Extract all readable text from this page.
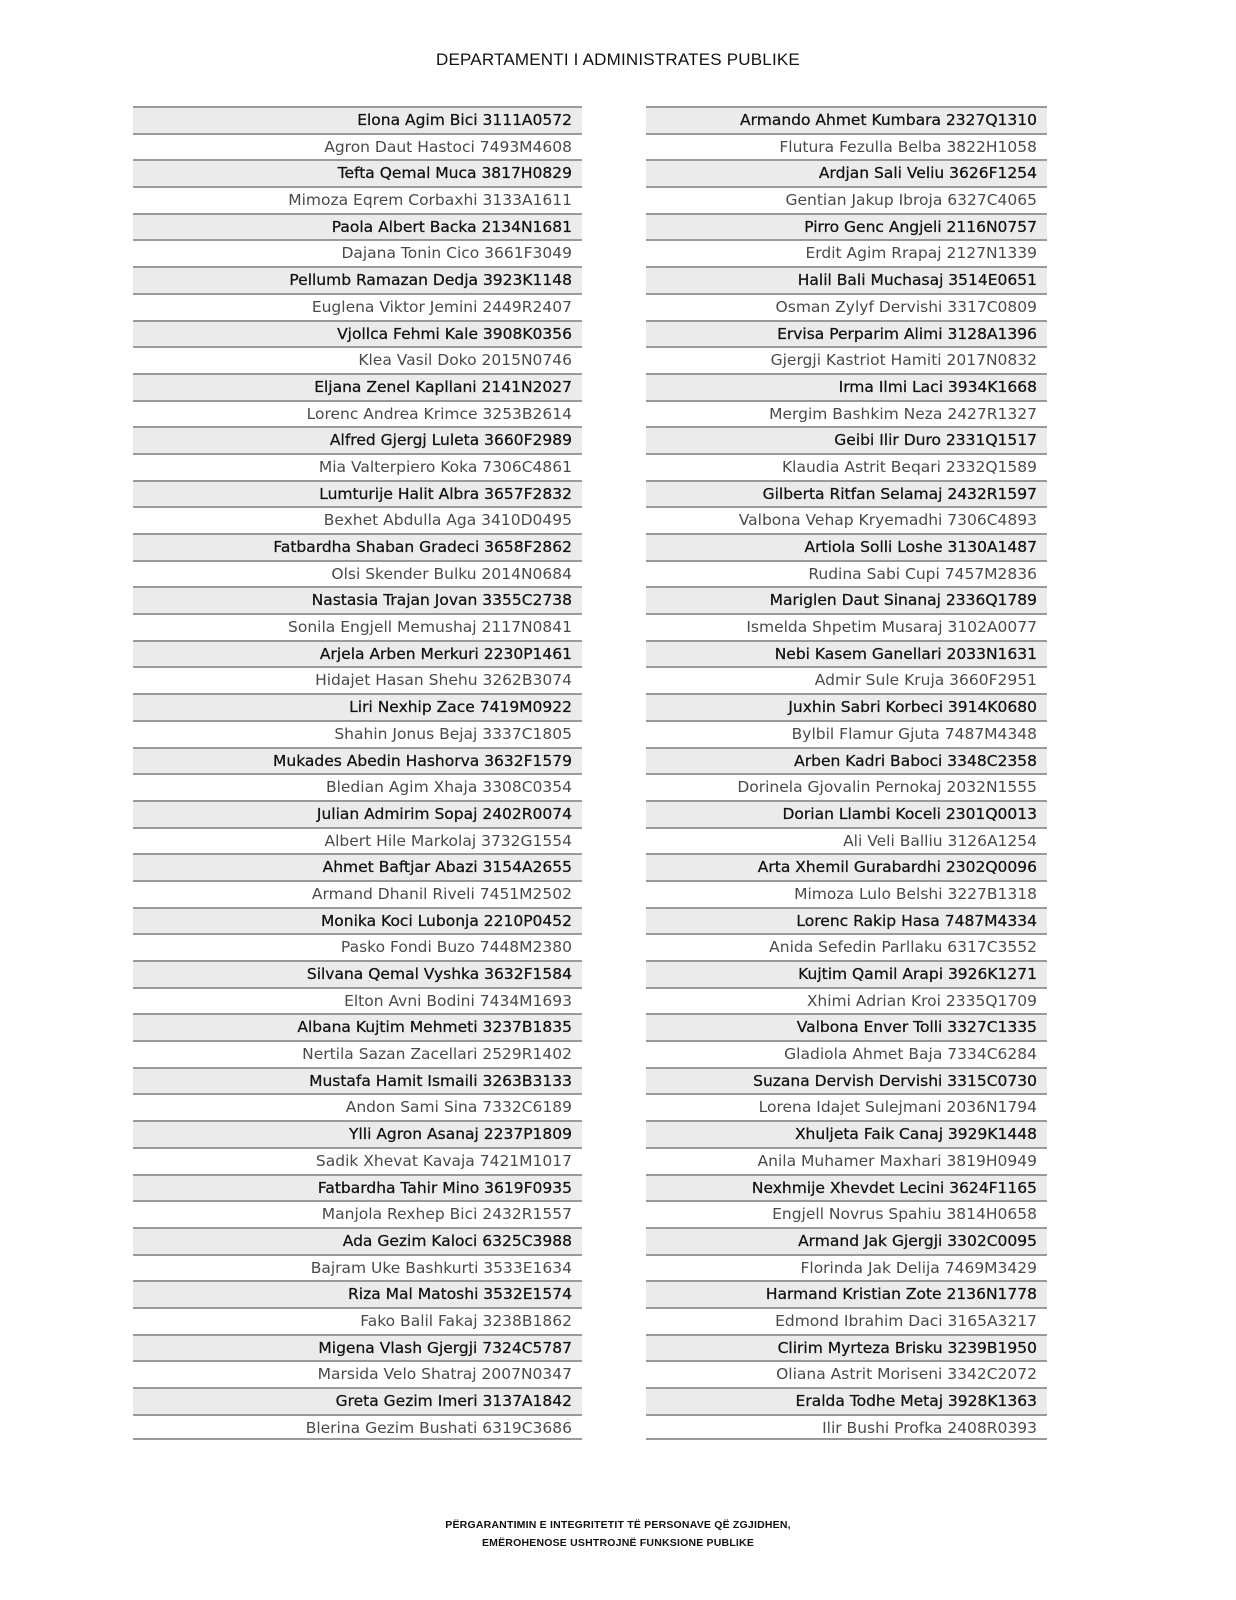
DEPARTAMENTI I ADMINISTRATES PUBLIKE
Elona Agim Bici 3111A0572
Agron Daut Hastoci 7493M4608
Tefta Qemal Muca 3817H0829
Mimoza Eqrem Corbaxhi 3133A1611
Paola Albert Backa 2134N1681
Dajana Tonin Cico 3661F3049
Pellumb Ramazan Dedja 3923K1148
Euglena Viktor Jemini 2449R2407
Vjollca Fehmi Kale 3908K0356
Klea Vasil Doko 2015N0746
Eljana Zenel Kapllani 2141N2027
Lorenc Andrea Krimce 3253B2614
Alfred Gjergj Luleta 3660F2989
Mia Valterpiero Koka 7306C4861
Lumturije Halit Albra 3657F2832
Bexhet Abdulla Aga 3410D0495
Fatbardha Shaban Gradeci 3658F2862
Olsi Skender Bulku 2014N0684
Nastasia Trajan Jovan 3355C2738
Sonila Engjell Memushaj 2117N0841
Arjela Arben Merkuri 2230P1461
Hidajet Hasan Shehu 3262B3074
Liri Nexhip Zace 7419M0922
Shahin Jonus Bejaj 3337C1805
Mukades Abedin Hashorva 3632F1579
Bledian Agim Xhaja 3308C0354
Julian Admirim Sopaj 2402R0074
Albert Hile Markolaj 3732G1554
Ahmet Baftjar Abazi 3154A2655
Armand Dhanil Riveli 7451M2502
Monika Koci Lubonja 2210P0452
Pasko Fondi Buzo 7448M2380
Silvana Qemal Vyshka 3632F1584
Elton Avni Bodini 7434M1693
Albana Kujtim Mehmeti 3237B1835
Nertila Sazan Zacellari 2529R1402
Mustafa Hamit Ismaili 3263B3133
Andon Sami Sina 7332C6189
Ylli Agron Asanaj 2237P1809
Sadik Xhevat Kavaja 7421M1017
Fatbardha Tahir Mino 3619F0935
Manjola Rexhep Bici 2432R1557
Ada Gezim Kaloci 6325C3988
Bajram Uke Bashkurti 3533E1634
Riza Mal Matoshi 3532E1574
Fako Balil Fakaj 3238B1862
Migena Vlash Gjergji 7324C5787
Marsida Velo Shatraj 2007N0347
Greta Gezim Imeri 3137A1842
Blerina Gezim Bushati 6319C3686
Armando Ahmet Kumbara 2327Q1310
Flutura Fezulla Belba 3822H1058
Ardjan Sali Veliu 3626F1254
Gentian Jakup Ibroja 6327C4065
Pirro Genc Angjeli 2116N0757
Erdit Agim Rrapaj 2127N1339
Halil Bali Muchasaj 3514E0651
Osman Zylyf Dervishi 3317C0809
Ervisa Perparim Alimi 3128A1396
Gjergji Kastriot Hamiti 2017N0832
Irma Ilmi Laci 3934K1668
Mergim Bashkim Neza 2427R1327
Geibi Ilir Duro 2331Q1517
Klaudia Astrit Beqari 2332Q1589
Gilberta Ritfan Selamaj 2432R1597
Valbona Vehap Kryemadhi 7306C4893
Artiola Solli Loshe 3130A1487
Rudina Sabi Cupi 7457M2836
Mariglen Daut Sinanaj 2336Q1789
Ismelda Shpetim Musaraj 3102A0077
Nebi Kasem Ganellari 2033N1631
Admir Sule Kruja 3660F2951
Juxhin Sabri Korbeci 3914K0680
Bylbil Flamur Gjuta 7487M4348
Arben Kadri Baboci 3348C2358
Dorinela Gjovalin Pernokaj 2032N1555
Dorian Llambi Koceli 2301Q0013
Ali Veli Balliu 3126A1254
Arta Xhemil Gurabardhi 2302Q0096
Mimoza Lulo Belshi 3227B1318
Lorenc Rakip Hasa 7487M4334
Anida Sefedin Parllaku 6317C3552
Kujtim Qamil Arapi 3926K1271
Xhimi Adrian Kroi 2335Q1709
Valbona Enver Tolli 3327C1335
Gladiola Ahmet Baja 7334C6284
Suzana Dervish Dervishi 3315C0730
Lorena Idajet Sulejmani 2036N1794
Xhuljeta Faik Canaj 3929K1448
Anila Muhamer Maxhari 3819H0949
Nexhmije Xhevdet Lecini 3624F1165
Engjell Novrus Spahiu 3814H0658
Armand Jak Gjergji 3302C0095
Florinda Jak Delija 7469M3429
Harmand Kristian Zote 2136N1778
Edmond Ibrahim Daci 3165A3217
Clirim Myrteza Brisku 3239B1950
Oliana Astrit Moriseni 3342C2072
Eralda Todhe Metaj 3928K1363
Ilir Bushi Profka 2408R0393
PËRGARANTIMIN E INTEGRITETIT TË PERSONAVE QË ZGJIDHEN,
EMËROHENOSE USHTROJNË FUNKSIONE PUBLIKE
